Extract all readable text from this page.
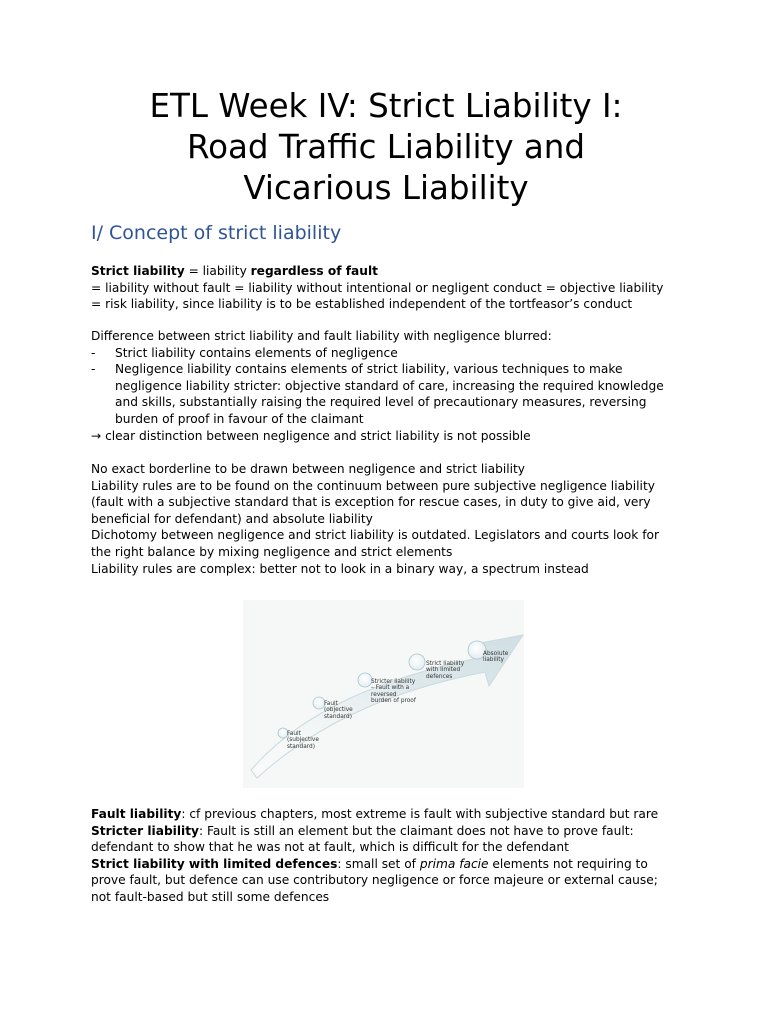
ETL Week IV: Strict Liability I:
Road Traffic Liability and
Vicarious Liability
I/ Concept of strict liability
Strict liability = liability regardless of fault
= liability without fault = liability without intentional or negligent conduct = objective liability = risk liability, since liability is to be established independent of the tortfeasor’s conduct
Difference between strict liability and fault liability with negligence blurred:
- Strict liability contains elements of negligence
- Negligence liability contains elements of strict liability, various techniques to make negligence liability stricter: objective standard of care, increasing the required knowledge and skills, substantially raising the required level of precautionary measures, reversing burden of proof in favour of the claimant
→ clear distinction between negligence and strict liability is not possible
No exact borderline to be drawn between negligence and strict liability
Liability rules are to be found on the continuum between pure subjective negligence liability (fault with a subjective standard that is exception for rescue cases, in duty to give aid, very beneficial for defendant) and absolute liability
Dichotomy between negligence and strict liability is outdated. Legislators and courts look for the right balance by mixing negligence and strict elements
Liability rules are complex: better not to look in a binary way, a spectrum instead
Fault liability: cf previous chapters, most extreme is fault with subjective standard but rare
Stricter liability: Fault is still an element but the claimant does not have to prove fault: defendant to show that he was not at fault, which is difficult for the defendant
Strict liability with limited defences: small set of prima facie elements not requiring to prove fault, but defence can use contributory negligence or force majeure or external cause; not fault-based but still some defences
Fault
(subjective
standard)
Fault
(objective
standard)
Stricter liability
– Fault with a
reversed
burden of proof
Strict liability
with limited
defences
Absolute
liability
